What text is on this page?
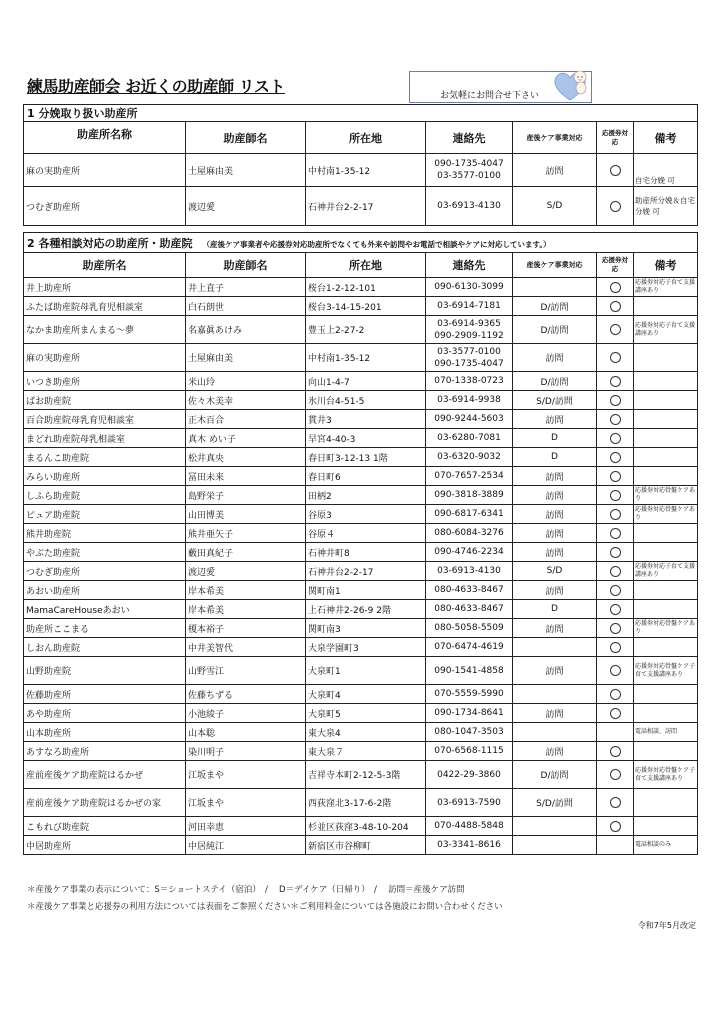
練馬助産師会 お近くの助産師 リスト	お気軽にお問合せ下さい
1 分娩取り扱い助産所						
助産所名称	助産師名	所在地	連絡先	産後ケア事業対応	応援券対応	備考
麻の実助産所	土屋麻由美	中村南1-35-12	090-1735-4047
03-3577-0100	訪問		自宅分娩 可
つむぎ助産所	渡辺愛	石神井台2-2-17	03-6913-4130	S/D		助産所分娩＆自宅分娩 可
2 各種相談対応の助産所・助産院 （産後ケア事業者や応援券対応助産所でなくても外来や訪問やお電話で相談やケアに対応しています。）						
助産所名	助産師名	所在地	連絡先	産後ケア事業対応	応援券対応	備考
井上助産所	井上直子	桜台1-2-12-101	090-6130-3099			応援券対応子育て支援講座あり
ふたば助産院母乳育児相談室	白石朗世	桜台3-14-15-201	03-6914-7181	D/訪問		
なかま助産所まんまる～夢	名嘉眞あけみ	豊玉上2-27-2	03-6914-9365
090-2909-1192	D/訪問		応援券対応子育て支援講座あり
麻の実助産所	土屋麻由美	中村南1-35-12	03-3577-0100
090-1735-4047	訪問		
いつき助産所	米山玲	向山1-4-7	070-1338-0723	D/訪問		
ぱお助産院	佐々木美幸	氷川台4-51-5	03-6914-9938	S/D/訪問		
百合助産院母乳育児相談室	正木百合	貫井3	090-9244-5603	訪問		
まどれ助産院母乳相談室	真木 めい子	早宮4-40-3	03-6280-7081	D		
まるんこ助産院	松井真央	春日町3-12-13 1階	03-6320-9032	D		
みらい助産所	冨田未来	春日町6	070-7657-2534	訪問		
しふら助産院	島野栄子	田柄2	090-3818-3889	訪問		応援券対応骨盤ケアあり
ピュア助産院	山田博美	谷原3	090-6817-6341	訪問		応援券対応骨盤ケアあり
熊井助産院	熊井亜矢子	谷原４	080-6084-3276	訪問		
やぶた助産院	藪田真紀子	石神井町8	090-4746-2234	訪問		
つむぎ助産所	渡辺愛	石神井台2-2-17	03-6913-4130	S/D		応援券対応子育て支援講座あり
あおい助産所	岸本希美	関町南1	080-4633-8467	訪問		
MamaCareHouseあおい	岸本希美	上石神井2-26-9 2階	080-4633-8467	D		
助産所ここまる	榎本裕子	関町南3	080-5058-5509	訪問		応援券対応骨盤ケアあり
しおん助産院	中井美智代	大泉学園町3	070-6474-4619			

山野助産院	山野雪江	大泉町1	090-1541-4858	訪問		応援券対応骨盤ケア子育て支援講座あり
佐藤助産所	佐藤ちずる	大泉町4	070-5559-5990			

あや助産所	小池綾子	大泉町5	090-1734-8641	訪問		
山本助産所	山本聡	東大泉4	080-1047-3503			電話相談、訪問
あすなろ助産所	染川明子	東大泉７	070-6568-1115	訪問		
産前産後ケア助産院はるかぜ	江坂まや	吉祥寺本町2-12-5-3階	0422-29-3860	D/訪問		応援券対応骨盤ケア子育て支援講座あり
産前産後ケア助産院はるかぜの家	江坂まや	西荻窪北3-17-6-2階	03-6913-7590	S/D/訪問		
こもれび助産院	河田幸恵	杉並区荻窪3-48-10-204	070-4488-5848			

中居助産所	中居純江	新宿区市谷柳町	03-3341-8616			電話相談のみ
＊産後ケア事業の表示について：S＝ショートステイ（宿泊）　/　 D＝デイケア（日帰り）　/　 訪問＝産後ケア訪問
＊産後ケア事業と応援券の利用方法については表面をご参照ください＊ご利用料金については各施設にお問い合わせください
令和7年5月改定
